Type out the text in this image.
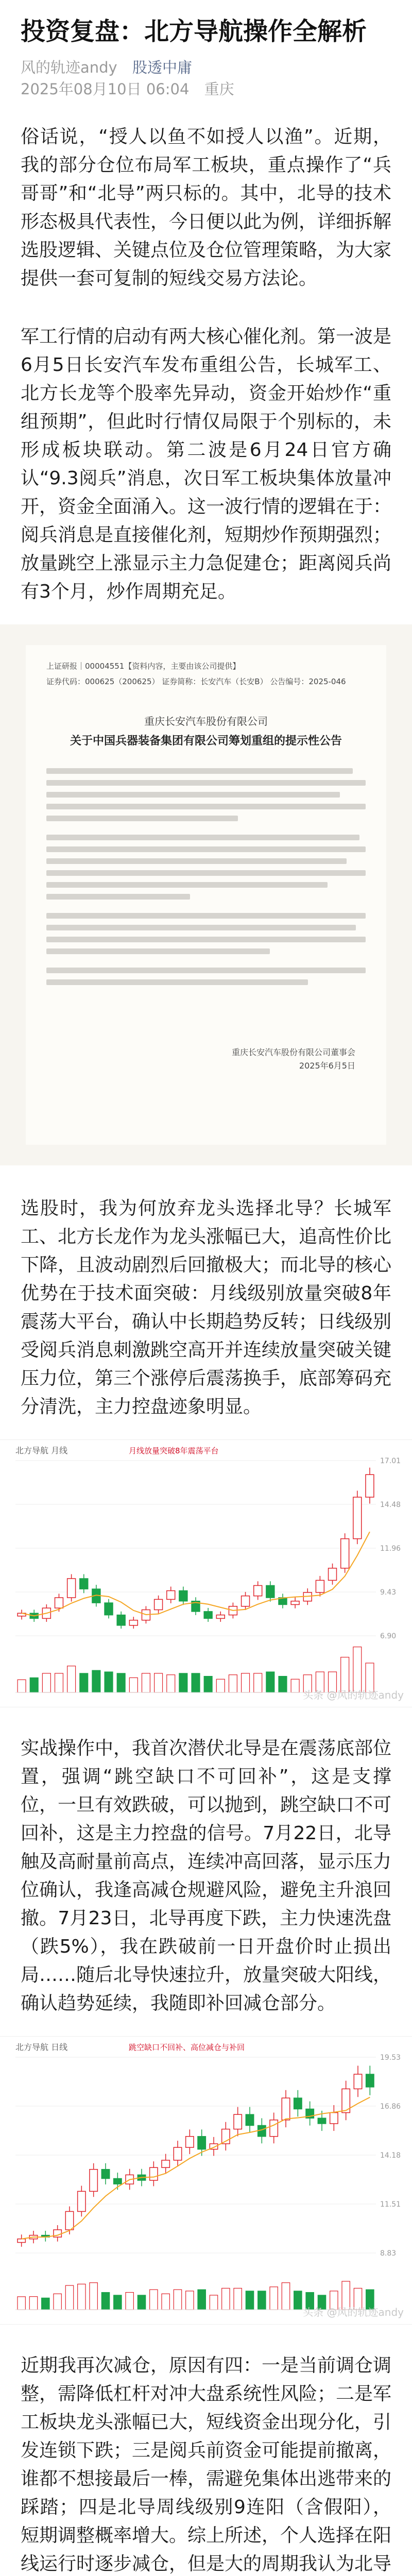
投资复盘：北方导航操作全解析
风的轨迹andy 股透中庸
2025年08月10日 06:04 重庆

俗话说，“授人以鱼不如授人以渔”。近期，我的部分仓位布局军工板块，重点操作了“兵哥哥”和“北导”两只标的。其中，北导的技术形态极具代表性，今日便以此为例，详细拆解选股逻辑、关键点位及仓位管理策略，为大家提供一套可复制的短线交易方法论。

军工行情的启动有两大核心催化剂。第一波是6月5日长安汽车发布重组公告，长城军工、北方长龙等个股率先异动，资金开始炒作“重组预期”，但此时行情仅局限于个别标的，未形成板块联动。第二波是6月24日官方确认“9.3阅兵”消息，次日军工板块集体放量冲开，资金全面涌入。这一波行情的逻辑在于：阅兵消息是直接催化剂，短期炒作预期强烈；放量跳空上涨显示主力急促建仓；距离阅兵尚有3个月，炒作周期充足。

上证研报｜00004551【资料内容，主要由该公司提供】
证券代码：000625（200625） 证券简称：长安汽车（长安B） 公告编号：2025-046
重庆长安汽车股份有限公司
关于中国兵器装备集团有限公司筹划重组的提示性公告
重庆长安汽车股份有限公司董事会
2025年6月5日

选股时，我为何放弃龙头选择北导？长城军工、北方长龙作为龙头涨幅已大，追高性价比下降，且波动剧烈后回撤极大；而北导的核心优势在于技术面突破：月线级别放量突破8年震荡大平台，确认中长期趋势反转；日线级别受阅兵消息刺激跳空高开并连续放量突破关键压力位，第三个涨停后震荡换手，底部筹码充分清洗，主力控盘迹象明显。

17.01
14.48
11.96
9.43
6.90
北方导航 月线	月线放量突破8年震荡平台
头条 @风的轨迹andy

实战操作中，我首次潜伏北导是在震荡底部位置，强调“跳空缺口不可回补”，这是支撑位，一旦有效跌破，可以抛到，跳空缺口不可回补，这是主力控盘的信号。7月22日，北导触及高耐量前高点，连续冲高回落，显示压力位确认，我逢高减仓规避风险，避免主升浪回撤。7月23日，北导再度下跌，主力快速洗盘（跌5%），我在跌破前一日开盘价时止损出局……随后北导快速拉升，放量突破大阳线，确认趋势延续，我随即补回减仓部分。

19.53
16.86
14.18
11.51
8.83
北方导航 日线	跳空缺口不回补、高位减仓与补回
头条 @风的轨迹andy

近期我再次减仓，原因有四：一是当前调仓调整，需降低杠杆对冲大盘系统性风险；二是军工板块龙头涨幅已大，短线资金出现分化，引发连锁下跌；三是阅兵前资金可能提前撤离，谁都不想接最后一棒，需避免集体出逃带来的踩踏；四是北导周线级别9连阳（含假阳），短期调整概率增大。综上所述，个人选择在阳线运行时逐步减仓，但是大的周期我认为北导
